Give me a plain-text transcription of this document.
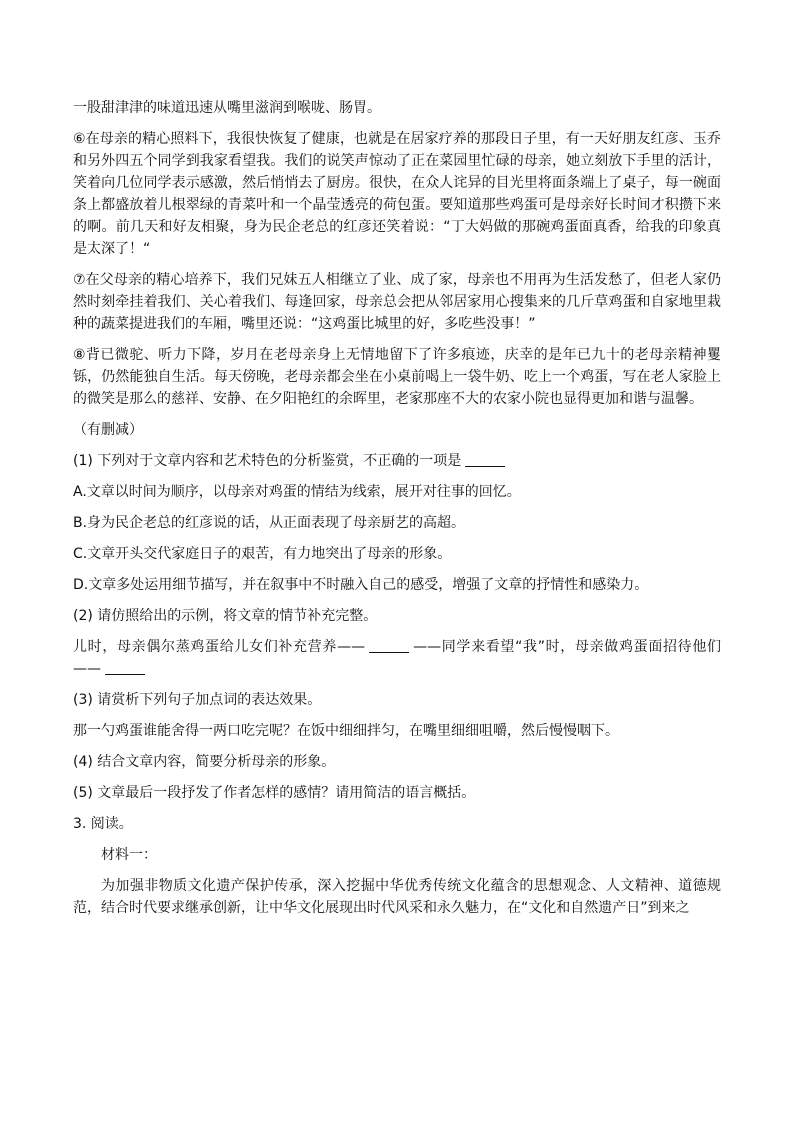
一股甜津津的味道迅速从嘴里滋润到喉咙、肠胃。

⑥在母亲的精心照料下，我很快恢复了健康，也就是在居家疗养的那段日子里，有一天好朋友红彦、玉乔和另外四五个同学到我家看望我。我们的说笑声惊动了正在菜园里忙碌的母亲，她立刻放下手里的活计，笑着向几位同学表示感激，然后悄悄去了厨房。很快，在众人诧异的目光里将面条端上了桌子，每一碗面条上都盛放着儿根翠绿的青菜叶和一个晶莹透亮的荷包蛋。要知道那些鸡蛋可是母亲好长时间才积攒下来的啊。前几天和好友相聚，身为民企老总的红彦还笑着说：“丁大妈做的那碗鸡蛋面真香，给我的印象真是太深了！“

⑦在父母亲的精心培养下，我们兄妹五人相继立了业、成了家，母亲也不用再为生活发愁了，但老人家仍然时刻牵挂着我们、关心着我们、每逢回家，母亲总会把从邻居家用心搜集来的几斤草鸡蛋和自家地里栽种的蔬菜提进我们的车厢，嘴里还说：“这鸡蛋比城里的好，多吃些没事！”

⑧背已微驼、听力下降，岁月在老母亲身上无情地留下了许多痕迹，庆幸的是年已九十的老母亲精神矍铄，仍然能独自生活。每天傍晚，老母亲都会坐在小桌前喝上一袋牛奶、吃上一个鸡蛋，写在老人家脸上的微笑是那么的慈祥、安静、在夕阳艳红的余晖里，老家那座不大的农家小院也显得更加和谐与温馨。

（有删减）

(1) 下列对于文章内容和艺术特色的分析鉴赏，不正确的一项是

A.文章以时间为顺序，以母亲对鸡蛋的情结为线索，展开对往事的回忆。

B.身为民企老总的红彦说的话，从正面表现了母亲厨艺的高超。

C.文章开头交代家庭日子的艰苦，有力地突出了母亲的形象。

D.文章多处运用细节描写，并在叙事中不时融入自己的感受，增强了文章的抒情性和感染力。

(2) 请仿照给出的示例，将文章的情节补充完整。

儿时，母亲偶尔蒸鸡蛋给儿女们补充营养——	——同学来看望“我”时，母亲做鸡蛋面招待他们——

(3) 请赏析下列句子加点词的表达效果。

那一勺鸡蛋谁能舍得一两口吃完呢？在饭中细细拌匀，在嘴里细细咀嚼，然后慢慢咽下。

(4) 结合文章内容，简要分析母亲的形象。

(5) 文章最后一段抒发了作者怎样的感情？请用简洁的语言概括。

3. 阅读。

材料一：

为加强非物质文化遗产保护传承，深入挖掘中华优秀传统文化蕴含的思想观念、人文精神、道德规范，结合时代要求继承创新，让中华文化展现出时代风采和永久魅力，在“文化和自然遗产日”到来之
